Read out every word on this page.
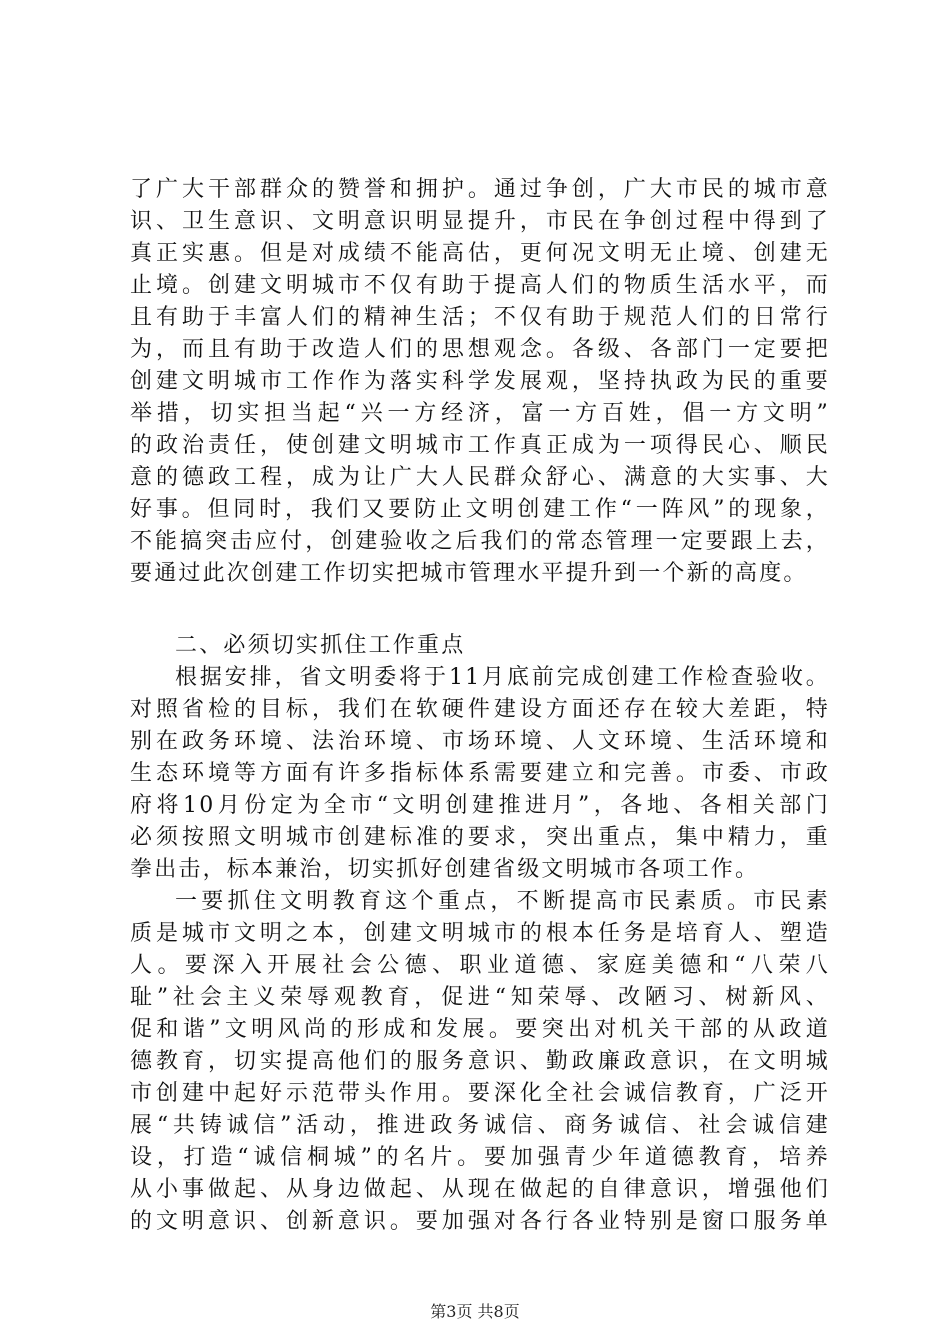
了广大干部群众的赞誉和拥护。通过争创，广大市民的城市意
识、卫生意识、文明意识明显提升，市民在争创过程中得到了
真正实惠。但是对成绩不能高估，更何况文明无止境、创建无
止境。创建文明城市不仅有助于提高人们的物质生活水平，而
且有助于丰富人们的精神生活；不仅有助于规范人们的日常行
为，而且有助于改造人们的思想观念。各级、各部门一定要把
创建文明城市工作作为落实科学发展观，坚持执政为民的重要
举措，切实担当起“兴一方经济，富一方百姓，倡一方文明”
的政治责任，使创建文明城市工作真正成为一项得民心、顺民
意的德政工程，成为让广大人民群众舒心、满意的大实事、大
好事。但同时，我们又要防止文明创建工作“一阵风”的现象，
不能搞突击应付，创建验收之后我们的常态管理一定要跟上去，
要通过此次创建工作切实把城市管理水平提升到一个新的高度。
二、必须切实抓住工作重点
根据安排，省文明委将于11月底前完成创建工作检查验收。
对照省检的目标，我们在软硬件建设方面还存在较大差距，特
别在政务环境、法治环境、市场环境、人文环境、生活环境和
生态环境等方面有许多指标体系需要建立和完善。市委、市政
府将10月份定为全市“文明创建推进月”，各地、各相关部门
必须按照文明城市创建标准的要求，突出重点，集中精力，重
拳出击，标本兼治，切实抓好创建省级文明城市各项工作。
一要抓住文明教育这个重点，不断提高市民素质。市民素
质是城市文明之本，创建文明城市的根本任务是培育人、塑造
人。要深入开展社会公德、职业道德、家庭美德和“八荣八
耻”社会主义荣辱观教育，促进“知荣辱、改陋习、树新风、
促和谐”文明风尚的形成和发展。要突出对机关干部的从政道
德教育，切实提高他们的服务意识、勤政廉政意识，在文明城
市创建中起好示范带头作用。要深化全社会诚信教育，广泛开
展“共铸诚信”活动，推进政务诚信、商务诚信、社会诚信建
设，打造“诚信桐城”的名片。要加强青少年道德教育，培养
从小事做起、从身边做起、从现在做起的自律意识，增强他们
的文明意识、创新意识。要加强对各行各业特别是窗口服务单
第3页 共8页
